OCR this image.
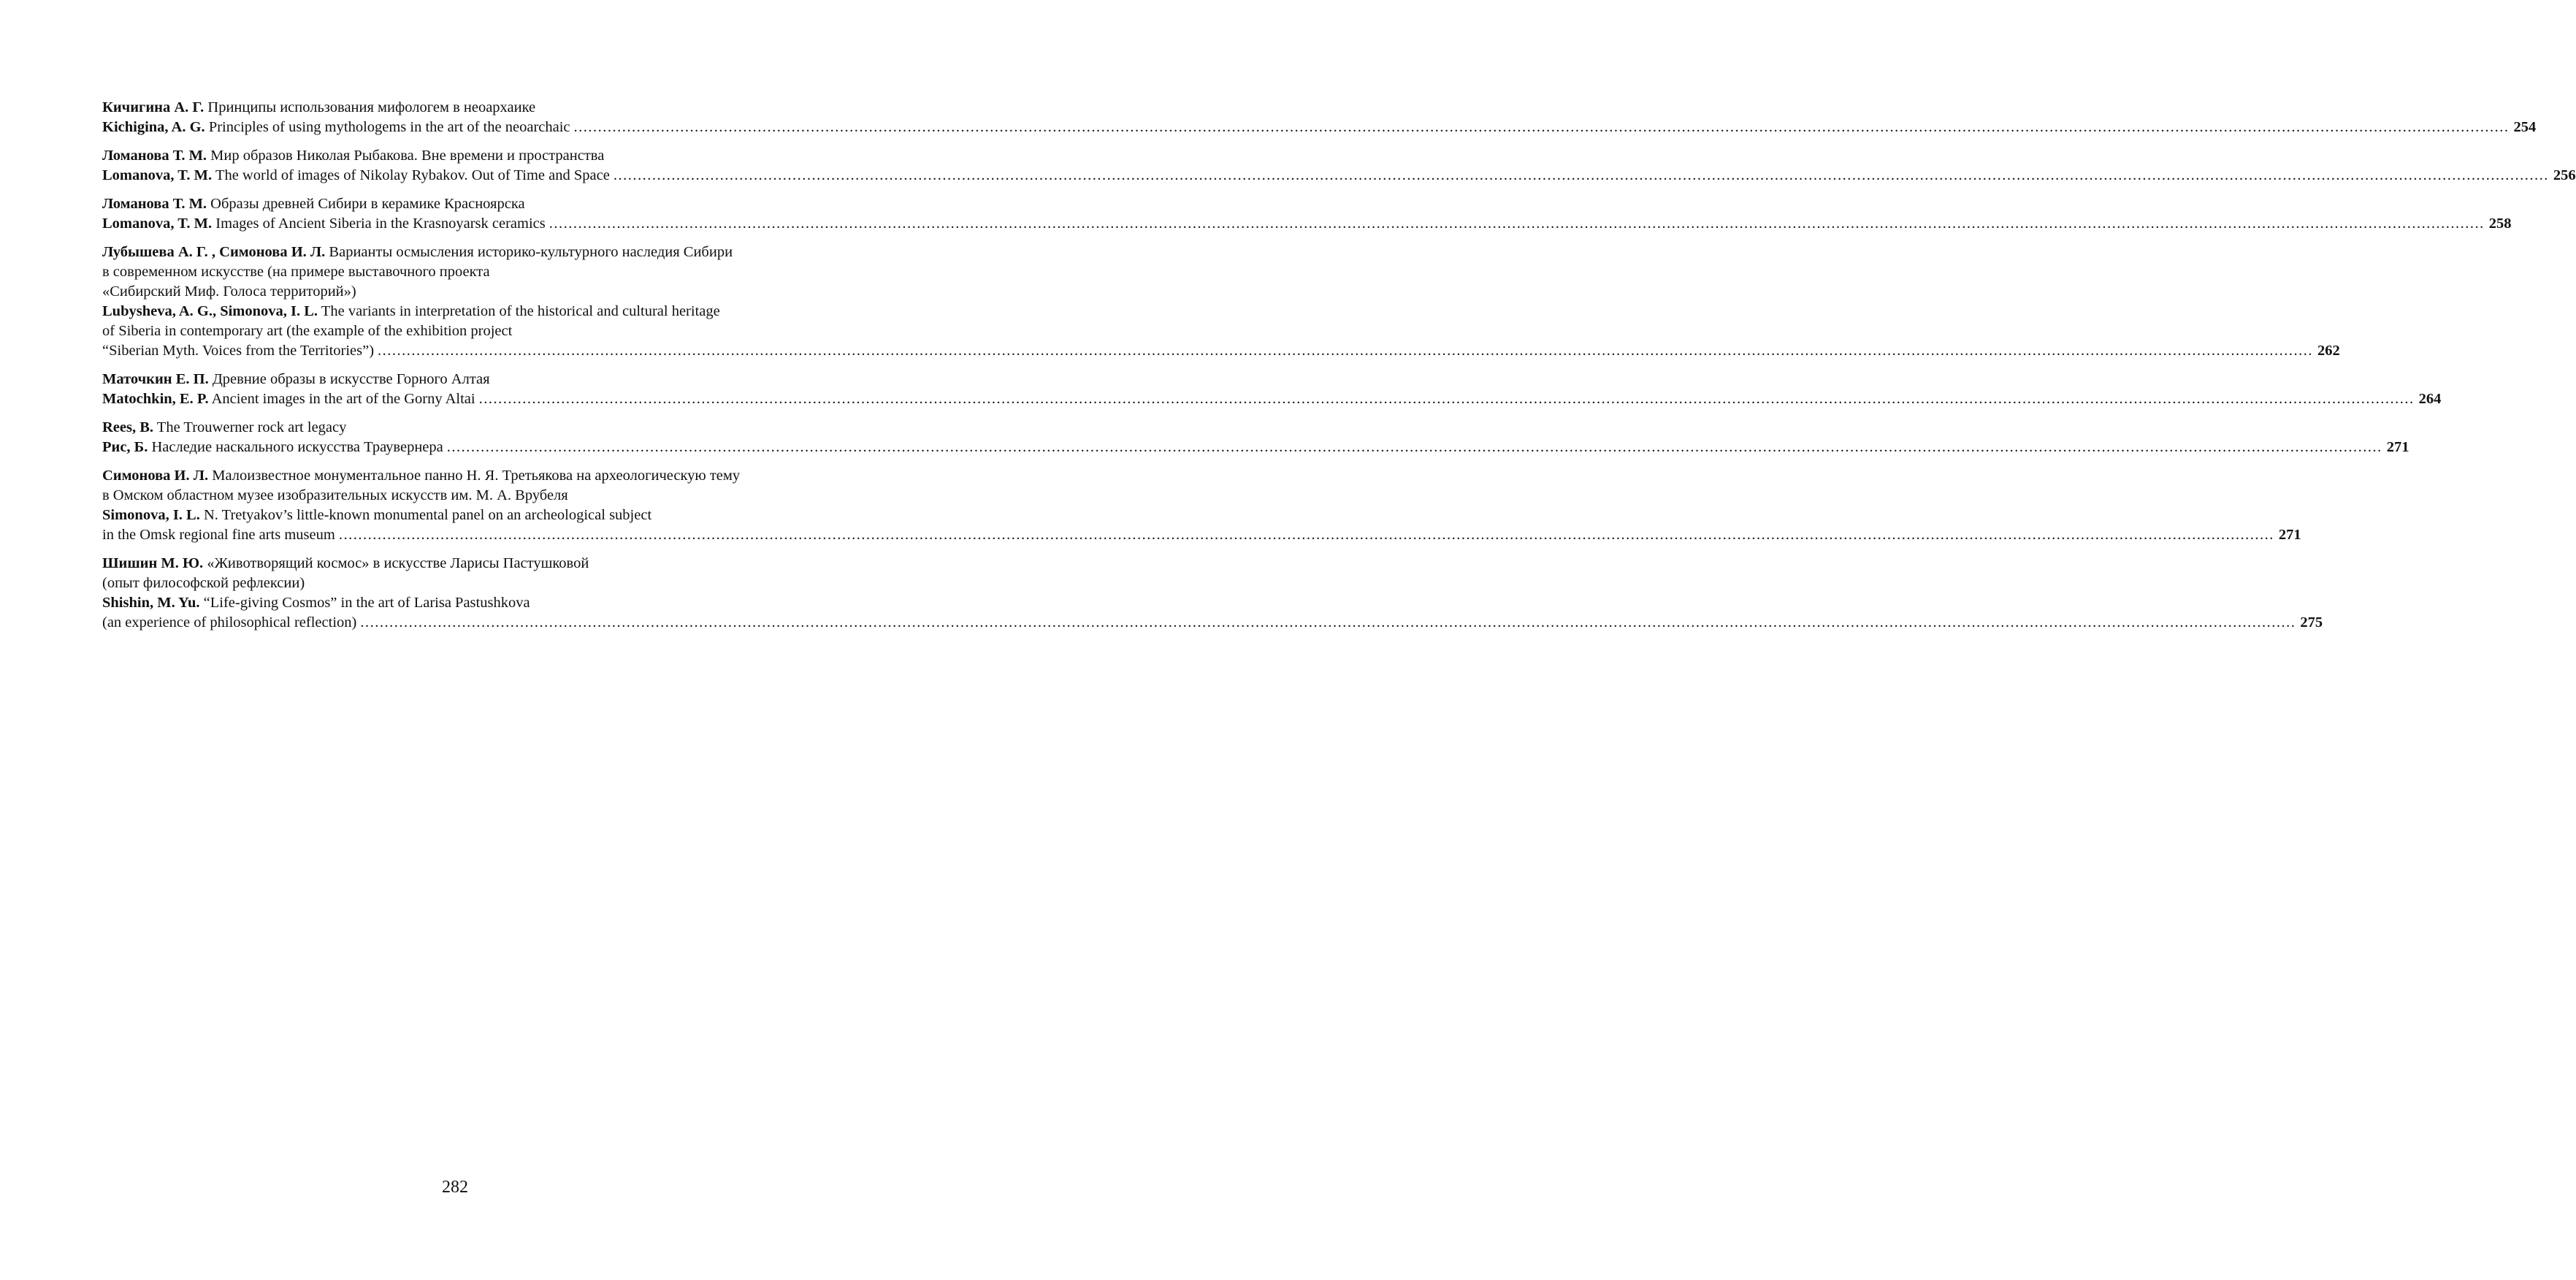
Кичигина А. Г. Принципы использования мифологем в неоархаике
Kichigina, A. G. Principles of using mythologems in the art of the neoarchaic ................................................................................................................................................................................................................................................................................................................................................................................................................ 254
Ломанова Т. М. Мир образов Николая Рыбакова. Вне времени и пространства
Lomanova, T. M. The world of images of Nikolay Rybakov. Out of Time and Space ................................................................................................................................................................................................................................................................................................................................................................................................................ 256
Ломанова Т. М. Образы древней Сибири в керамике Красноярска
Lomanova, T. M. Images of Ancient Siberia in the Krasnoyarsk ceramics ................................................................................................................................................................................................................................................................................................................................................................................................................ 258
Лубышева А. Г. , Симонова И. Л. Варианты осмысления историко-культурного наследия Сибири
в современном искусстве (на примере выставочного проекта
«Сибирский Миф. Голоса территорий»)
Lubysheva, A. G., Simonova, I. L. The variants in interpretation of the historical and cultural heritage
of Siberia in contemporary art (the example of the exhibition project
“Siberian Myth. Voices from the Territories”) ................................................................................................................................................................................................................................................................................................................................................................................................................ 262
Маточкин Е. П. Древние образы в искусстве Горного Алтая
Matochkin, E. P. Ancient images in the art of the Gorny Altai ................................................................................................................................................................................................................................................................................................................................................................................................................ 264
Rees, B. The Trouwerner rock art legacy
Рис, Б. Наследие наскального искусства Траувернера ................................................................................................................................................................................................................................................................................................................................................................................................................ 271
Симонова И. Л. Малоизвестное монументальное панно Н. Я. Третьякова на археологическую тему
в Омском областном музее изобразительных искусств им. М. А. Врубеля
Simonova, I. L. N. Tretyakov’s little-known monumental panel on an archeological subject
in the Omsk regional fine arts museum ................................................................................................................................................................................................................................................................................................................................................................................................................ 271
Шишин М. Ю. «Животворящий космос» в искусстве Ларисы Пастушковой
(опыт философской рефлексии)
Shishin, M. Yu. “Life-giving Cosmos” in the art of Larisa Pastushkova
(an experience of philosophical reflection) ................................................................................................................................................................................................................................................................................................................................................................................................................ 275
282
